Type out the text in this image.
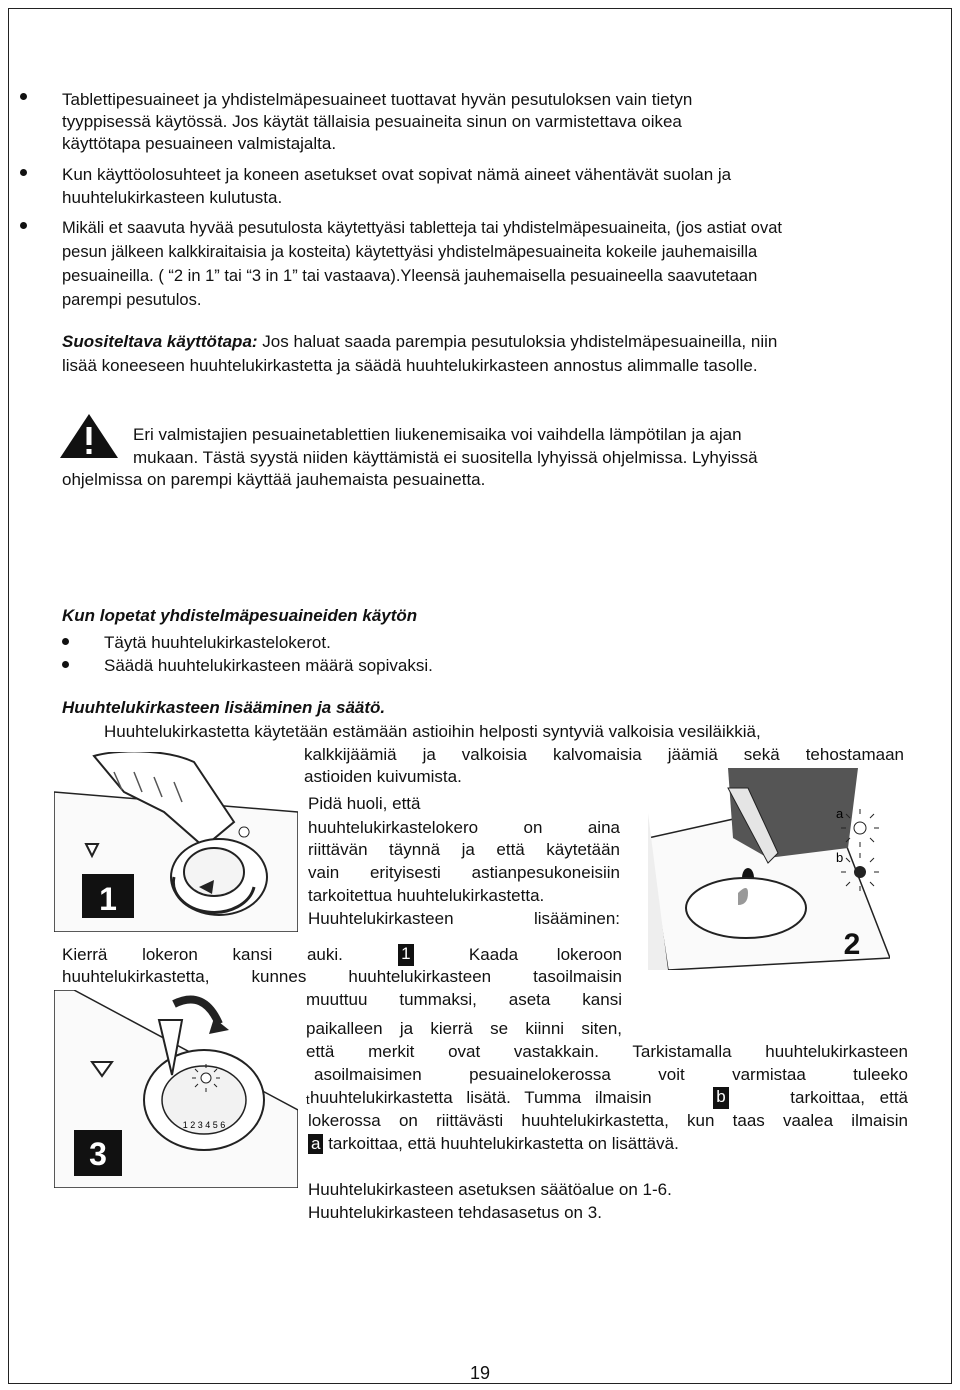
Tablettipesuaineet ja yhdistelmäpesuaineet tuottavat hyvän pesutuloksen vain tietyn
tyyppisessä käytössä. Jos käytät tällaisia pesuaineita sinun on varmistettava oikea
käyttötapa pesuaineen valmistajalta.
Kun käyttöolosuhteet ja koneen asetukset ovat sopivat nämä aineet vähentävät suolan ja
huuhtelukirkasteen kulutusta.
Mikäli et saavuta hyvää pesutulosta käytettyäsi tabletteja tai yhdistelmäpesuaineita, (jos astiat ovat
pesun jälkeen kalkkiraitaisia ja kosteita) käytettyäsi yhdistelmäpesuaineita kokeile jauhemaisilla
pesuaineilla. ( “2 in 1” tai “3 in 1” tai vastaava).Yleensä jauhemaisella pesuaineella saavutetaan
parempi pesutulos.
Suositeltava käyttötapa: Jos haluat saada parempia pesutuloksia yhdistelmäpesuaineilla, niin
lisää koneeseen huuhtelukirkastetta ja säädä huuhtelukirkasteen annostus alimmalle tasolle.
Eri valmistajien pesuainetablettien liukenemisaika voi vaihdella lämpötilan ja ajan
mukaan. Tästä syystä niiden käyttämistä ei suositella lyhyissä ohjelmissa. Lyhyissä
ohjelmissa on parempi käyttää jauhemaista pesuainetta.
Kun lopetat yhdistelmäpesuaineiden käytön
Täytä huuhtelukirkastelokerot.
Säädä huuhtelukirkasteen määrä sopivaksi.
Huuhtelukirkasteen lisääminen ja säätö.
Huuhtelukirkastetta käytetään estämään astioihin helposti syntyviä valkoisia vesiläikkiä,
kalkkijäämiä ja valkoisia kalvomaisia jäämiä sekä tehostamaan
astioiden kuivumista.
Pidä huoli, että
huuhtelukirkastelokero on aina
riittävän täynnä ja että käytetään
vain erityisesti astianpesukoneisiin
tarkoitettua huuhtelukirkastetta.
Huuhtelukirkasteen lisääminen:
Kierrä lokeron kansi auki.	1	Kaada lokeroon
huuhtelukirkastetta, kunnes huuhtelukirkasteen tasoilmaisin
muuttuu tummaksi, aseta kansi
paikalleen ja kierrä se kiinni siten,
että merkit ovat vastakkain. Tarkistamalla huuhtelukirkasteen
asoilmaisimen pesuainelokerossa voit varmistaa tuleeko
t huuhtelukirkastetta lisätä. Tumma ilmaisin	b	tarkoittaa, että
lokerossa on riittävästi huuhtelukirkastetta, kun taas vaalea ilmaisin
a tarkoittaa, että huuhtelukirkastetta on lisättävä.
Huuhtelukirkasteen asetuksen säätöalue on 1-6.
Huuhtelukirkasteen tehdasasetus on 3.
1
a
b
2
1 2 3 4 5 6
3
19
